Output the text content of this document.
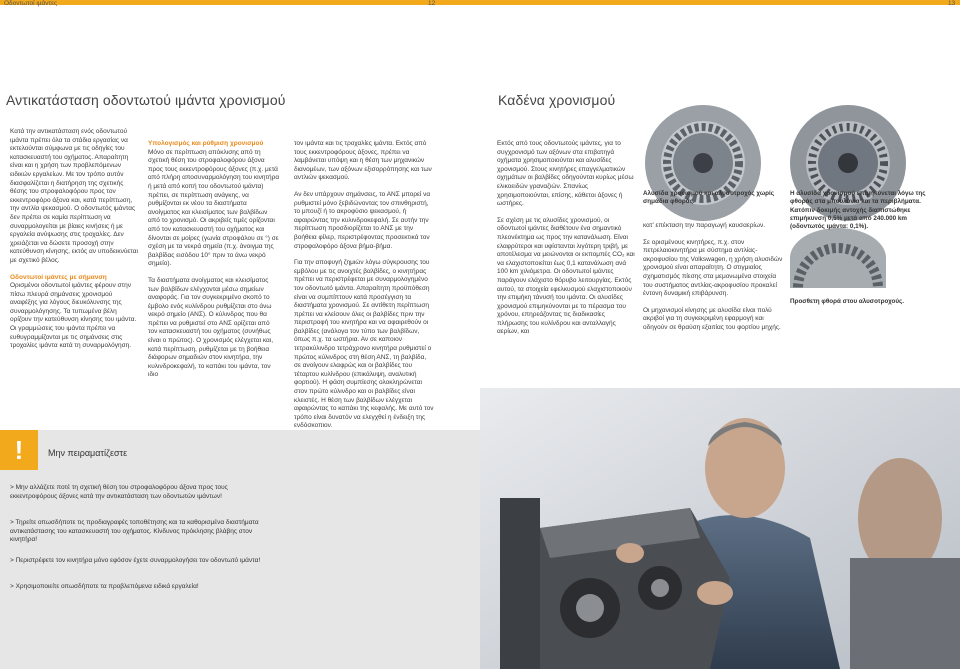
Οδοντωτοί ιμάντες	12	13
Αντικατάσταση οδοντωτού ιμάντα χρονισμού	Καδένα χρονισμού

Κατά την αντικατάσταση ενός οδοντωτού ιμάντα πρέπει όλα τα στάδια εργασίας να εκτελούνται σύμφωνα με τις οδηγίες του κατασκευαστή του οχήματος. Απαραίτητη είναι και η χρήση των προβλεπόμενων ειδικών εργαλείων. Με τον τρόπο αυτόν διασφαλίζεται η διατήρηση της σχετικής θέσης του στροφαλοφόρου προς τον εκκεντροφόρο άξονα και, κατά περίπτωση, την αντλία ψεκασμού. Ο οδοντωτός ιμάντας δεν πρέπει σε καμία περίπτωση να συναρμολογείται με βίαιες κινήσεις ή με εργαλεία ανύψωσης στις τροχαλίες. Δεν χρειάζεται να δώσετε προσοχή στην κατεύθυνση κίνησης, εκτός αν υποδεικνύεται με σχετικό βέλος.

Οδοντωτοί ιμάντες με σήμανση

Ορισμένοι οδοντωτοί ιμάντες φέρουν στην πίσω πλευρά σημάνσεις χρονισμού αναφέξης για λόγους διευκόλυνσης της συναρμολόγησης. Τα τυπωμένα βέλη ορίζουν την κατεύθυνση κίνησης του ιμάντα. Οι γραμμώσεις του ιμάντα πρέπει να ευθυγραμμίζονται με τις σημάνσεις στις τροχαλίες ιμάντα κατά τη συναρμολόγηση.

Υπολογισμός και ρύθμιση χρονισμού

Μόνο σε περίπτωση απόκλισης από τη σχετική θέση του στροφαλοφόρου άξονα προς τους εκκεντροφόρους άξονες (π.χ. μετά από πλήρη αποσυναρμολόγηση του κινητήρα ή μετά από κοπή του οδοντωτού ιμάντα) πρέπει, σε περίπτωση ανάγκης, να ρυθμίζονται εκ νέου τα διαστήματα ανοίγματος και κλεισίματος των βαλβίδων από το χρονισμό. Οι ακριβείς τιμές ορίζονται από τον κατασκευαστή του οχήματος και δίνονται σε μοίρες (γωνία στροφάλου σε °) σε σχέση με τα νεκρά σημεία (π.χ. άνοιγμα της βαλβίδας εισόδου 10° πριν το άνω νεκρό σημείο).

Τα διαστήματα ανοίγματος και κλεισίματος των βαλβίδων ελέγχονται μέσω σημείων αναφοράς. Για τον συγκεκριμένο σκοπό το έμβολο ενός κυλίνδρου ρυθμίζεται στο άνω νεκρό σημείο (ΑΝΣ). Ο κύλινδρος που θα πρέπει να ρυθμιστεί στο ΑΝΣ ορίζεται από τον κατασκευαστή του οχήματος (συνήθως είναι ο πρώτος). Ο χρονισμός ελέγχεται και, κατά περίπτωση, ρυθμίζεται με τη βοήθεια διάφορων σημαδιών στον κινητήρα, την κυλινδροκεφαλή, το καπάκι του ιμάντα, τον ιδιο

τον ιμάντα και τις τροχαλίες ιμάντα. Εκτός από τους εκκεντροφόρους άξονες, πρέπει να λαμβάνεται υπόψη και η θέση των μηχανικών διανομέων, των αξόνων εξισορρόπησης και των αντλιών ψεκασμού.

Αν δεν υπάρχουν σημάνσεις, το ΑΝΣ μπορεί να ρυθμιστεί μόνο ξεβιδώνοντας τον σπινθηριστή, το μπουζί ή το ακροφύσιο ψεκασμού, ή αφαιρώντας την κυλινδροκεφαλή. Σε αυτήν την περίπτωση προσδιορίζεται το ΑΝΣ με την βοήθεια φίλερ, περιστρέφοντας προσεκτικά τον στροφαλοφόρο άξονα βήμα-βήμα.

Για την αποφυγή ζημιών λόγω σύγκρουσης του εμβόλου με τις ανοιχτές βαλβίδες, ο κινητήρας πρέπει να περιστρέφεται με συναρμολογημένο τον οδοντωτό ιμάντα. Απαραίτητη προϋπόθεση είναι να συμπίπτουν κατά προσέγγιση τα διαστήματα χρονισμού. Σε αντίθετη περίπτωση πρέπει να κλείσουν όλες οι βαλβίδες πριν την περιστροφή του κινητήρα και να αφαιρεθούν οι βαλβίδες (ανάλογα τον τύπο των βαλβίδων, όπως π.χ. τα ωστήρια. Αν σε καποιον τετρακύλινδρο τετράχρονο κινητήρα ρυθμιστεί ο πρώτος κύλινδρος στη θέση ΑΝΣ, τη βαλβίδα, σε ανοίγουν ελαφρώς και οι βαλβίδες του τέταρτου κυλίνδρου (επικάλυψη, αναλυτική φορτιού). Η φάση συμπίεσης ολοκληρώνεται στον πρώτο κύλινδρο και οι βαλβίδες είναι κλειστές. Η θέση των βαλβίδων ελέγχεται αφαιρώντας το καπάκι της κεφαλής. Με αυτό τον τρόπο είναι δυνατόν να ελεγχθεί η ένδειξη της ενδόσκοπιον.

Εκτός από τους οδοντωτούς ιμάντες, για το συγχρονισμό των αξόνων στα επιβατηγά οχήματα χρησιμοποιούνται και αλυσίδες χρονισμού. Στους κινητήρες επαγγελματικών οχημάτων οι βαλβίδες οδηγούνται κυρίως μέσω ελικοειδών γραναζιών. Σπανίως χρησιμοποιούνται, επίσης, κάθετοι άξονες ή ωστήρες.

Σε σχέση με τις αλυσίδες χρονισμού, οι οδοντωτοί ιμάντες διαθέτουν ένα σημαντικό πλεονέκτημα ως προς την κατανάλωση. Είναι ελαφρύτεροι και υφίστανται λιγότερη τριβή, με αποτέλεσμα να μειώνονται οι εκπομπές CO₂ και να ελαχιστοποιείται έως 0,1 κατανάλωση ανά 100 km χιλιόμετρα. Οι οδοντωτοί ιμάντες παράγουν ελάχιστο θόρυβο λειτουργίας. Εκτός αυτού, τα στοιχεία εφελκυσμού ελαχιστοποιούν την επιμήκη τάνυσή του ιμάντα. Οι αλυσίδες χρονισμού επιμηκύνονται με το πέρασμα του χρόνου, επηρεάζοντας τις διαδικασίες πλήρωσης του κυλίνδρου και ανταλλαγής αερίων, και

κατ' επέκταση την παραγωγή καυσαερίων.

Σε ορισμένους κινητήρες, π.χ. στον πετρελαιοκινητήρα με σύστημα αντλίας-ακροφυσίου της Volkswagen, η χρήση αλυσιδών χρονισμού είναι απαραίτητη. Ο στιγμιαίος σχηματισμός πίεσης στα μεμονωμένα στοιχεία του συστήματος αντλίας-ακροφυσίου προκαλεί έντονη δυναμική επιβάρυνση.

Οι μηχανισμοί κίνησης με αλυσίδα είναι πολύ ακριβοί για τη συγκεκριμένη εφαρμογή και οδηγούν σε θραύση εξαιτίας του φορτίου μηχής.

Αλυσίδα χρονισμού και αλυσοτροχός χωρίς σημάδια φθοράς.
Προσθετη φθορά στου αλυσοτροχούς.
Η αλυσίδα χρονισμού επιμηκύνεται λόγω της φθοράς στα μπουλόνια και τα περιβλήματα. Κατόπιν δοκιμής αντοχής διαπιστώθηκε επιμήκυνση 0,5% μετά από 240.000 km (οδοντωτός ιμάντα: 0,1%).
!	Μην πειραματίζεστε
> Μην αλλάζετε ποτέ τη σχετική θέση του στροφαλοφόρου άξονα προς τους εκκεντροφόρους άξονες κατά την αντικατάσταση των οδοντωτών ιμάντων!
> Τηρείτε οπωσδήποτε τις προδιαγραφές τοποθέτησης και τα καθορισμένα διαστήματα αντικατάστασης του κατασκευαστή του οχήματος. Κίνδυνος πρόκλησης βλάβης στον κινητήρα!
> Περιστρέφετε τον κινητήρα μόνο εφόσον έχετε συναρμολογήσει τον οδοντωτό ιμάντα!
> Χρησιμοποιείτε οπωσδήποτε τα προβλεπόμενα ειδικά εργαλεία!
